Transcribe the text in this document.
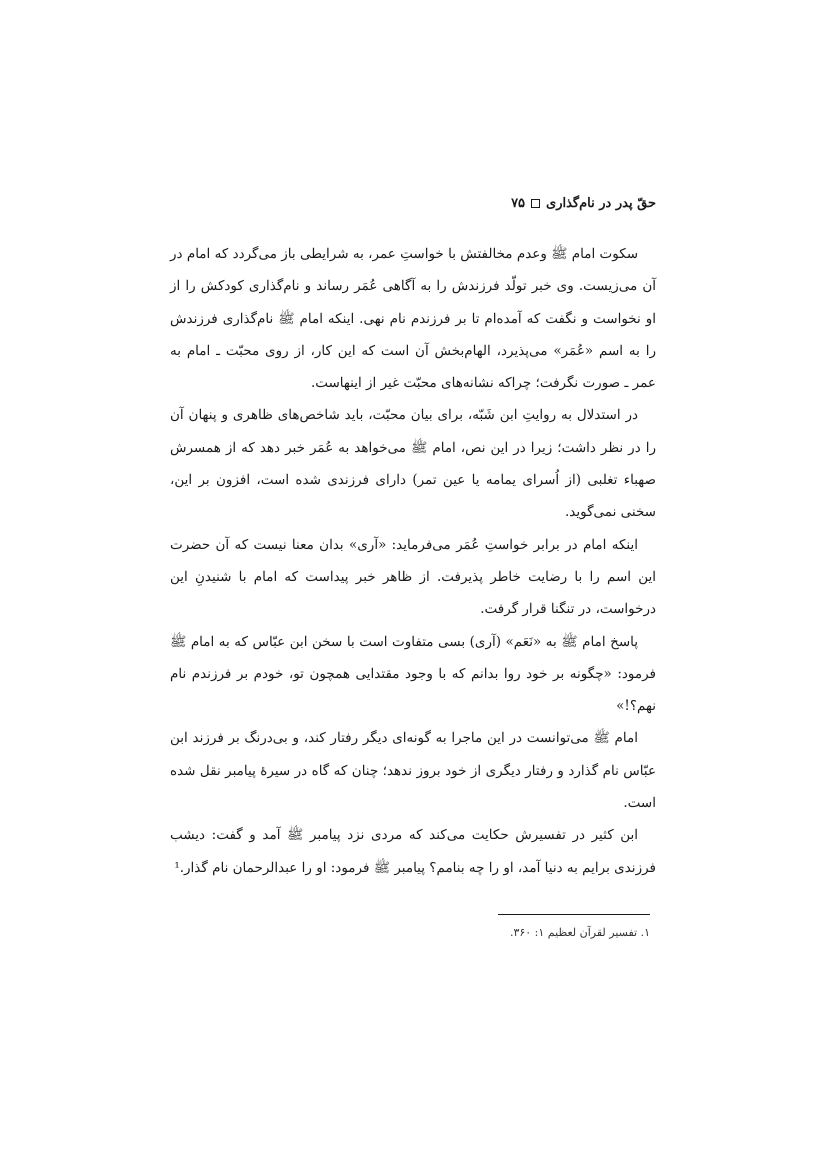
حقّ پدر در نام‌گذاری
۷۵

سکوت امام ﷺ وعدم مخالفتش با خواستِ عمر، به شرایطی باز می‌گردد که امام در آن می‌زیست. وی خبر تولّد فرزندش را به آگاهی عُمَر رساند و نام‌گذاری کودکش را از او نخواست و نگفت که آمده‌ام تا بر فرزندم نام نهی. اینکه امام ﷺ نام‌گذاری فرزندش را به اسم «عُمَر» می‌پذیرد، الهام‌بخش آن است که این کار، از روی محبّت ـ امام به عمر ـ صورت نگرفت؛ چراکه نشانه‌های محبّت غیر از اینهاست.

در استدلال به روایتِ ابن شَبّه، برای بیان محبّت، باید شاخص‌های ظاهری و پنهان آن را در نظر داشت؛ زیرا در این نص، امام ﷺ می‌خواهد به عُمَر خبر دهد که از همسرش صهباء تغلبی (از اُسرای یمامه یا عین تمر) دارای فرزندی شده است، افزون بر این، سخنی نمی‌گوید.

اینکه امام در برابر خواستِ عُمَر می‌فرماید: «آری» بدان معنا نیست که آن حضرت این اسم را با رضایت خاطر پذیرفت. از ظاهر خبر پیداست که امام با شنیدنِ این درخواست، در تنگنا قرار گرفت.

پاسخ امام ﷺ به «نَعَم» (آری) بسی متفاوت است با سخن ابن عبّاس که به امام ﷺ فرمود: «چگونه بر خود روا بدانم که با وجود مقتدایی همچون تو، خودم بر فرزندم نام نهم؟!»

امام ﷺ می‌توانست در این ماجرا به گونه‌ای دیگر رفتار کند، و بی‌درنگ بر فرزند ابن عبّاس نام گذارد و رفتار دیگری از خود بروز ندهد؛ چنان که گاه در سیرهٔ پیامبر نقل شده است.

ابن کثیر در تفسیرش حکایت می‌کند که مردی نزد پیامبر ﷺ آمد و گفت: دیشب فرزندی برایم به دنیا آمد، او را چه بنامم؟ پیامبر ﷺ فرمود: او را عبدالرحمان نام گذار.¹

۱. تفسیر لقرآن لعظیم ۱: ۳۶۰.
